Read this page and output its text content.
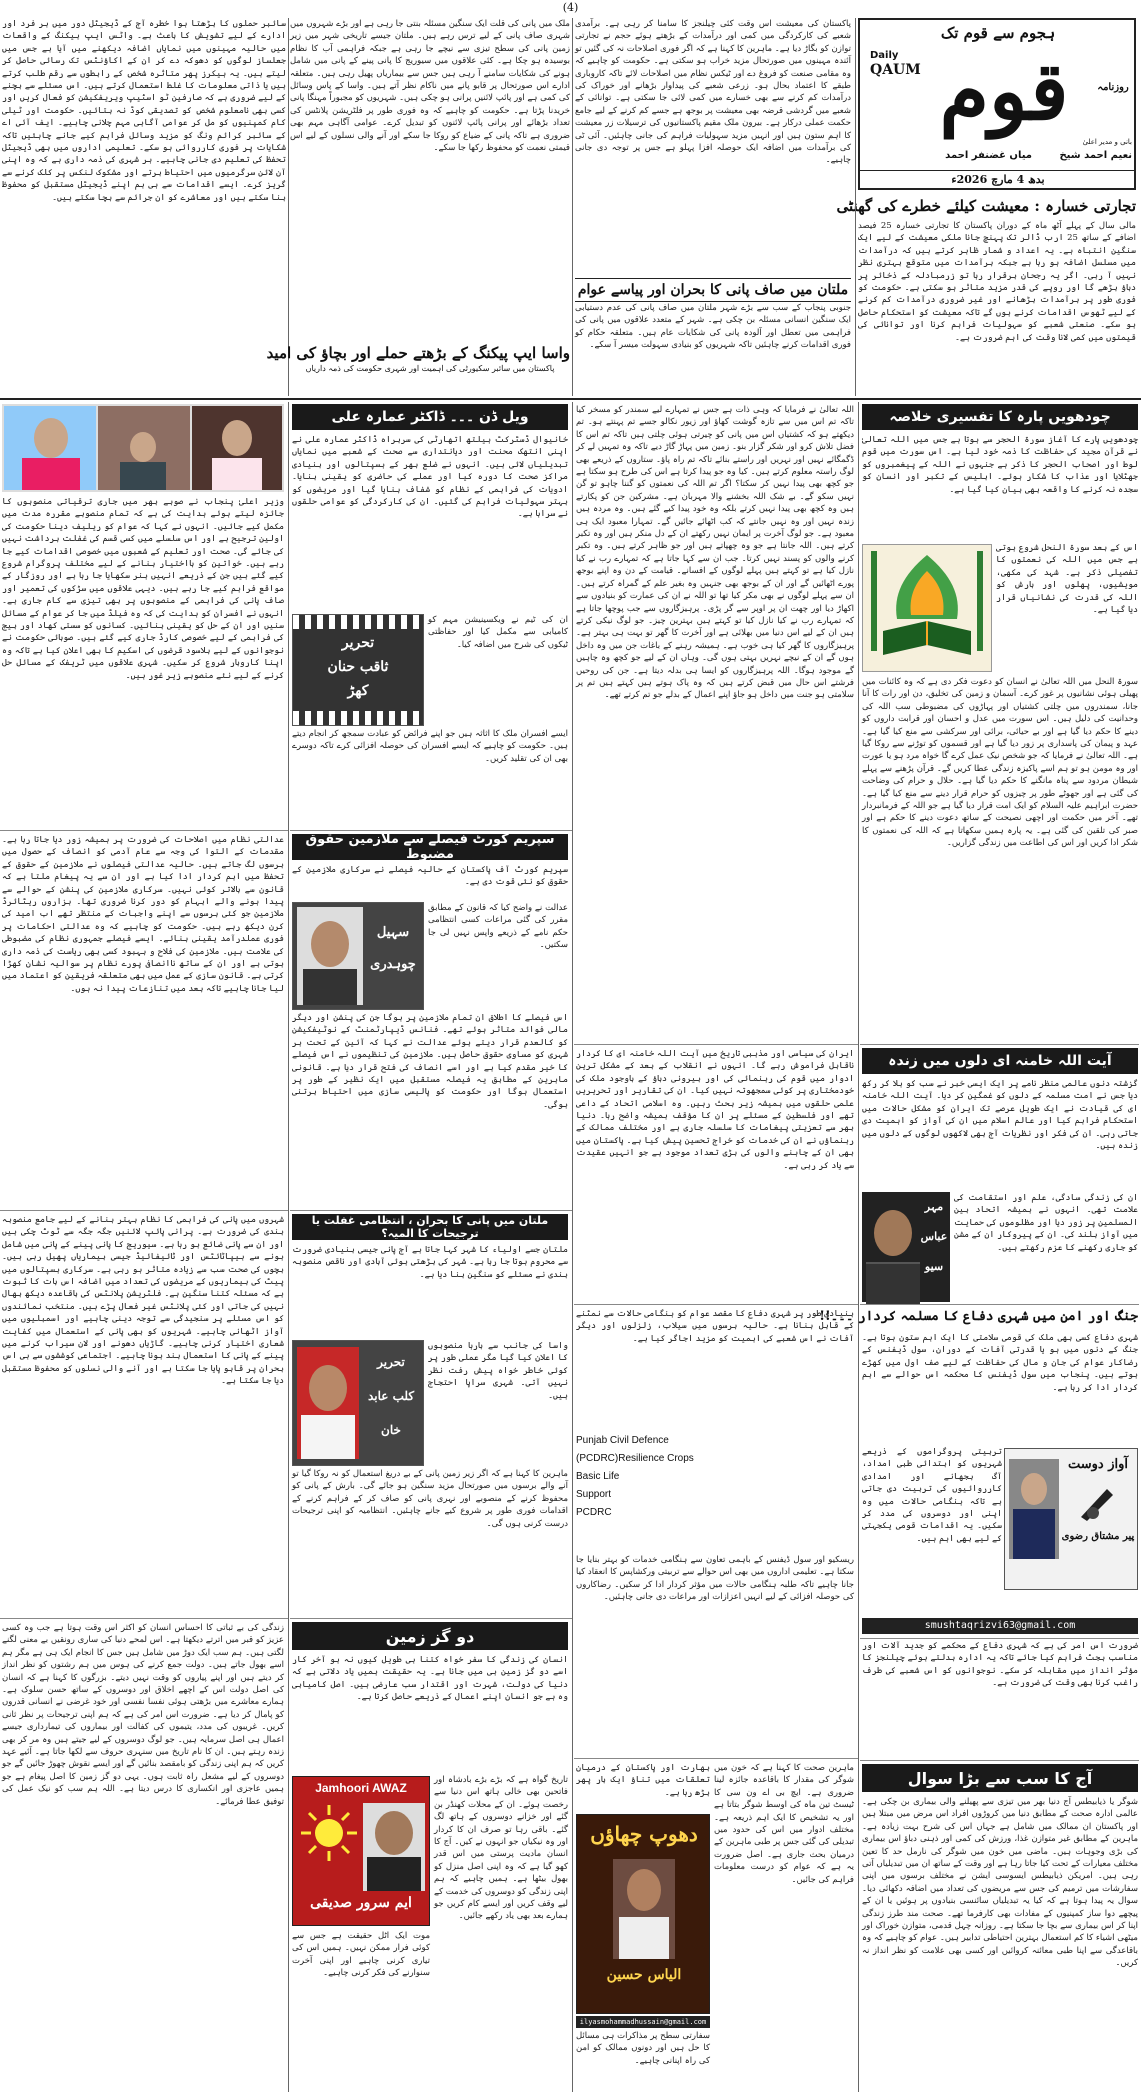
(4)
ہجوم سے قوم تک
روزنامہ
Daily
QAUM قوم
بانی و مدیر اعلیٰ
نعیم احمد شیخ
میاں غضنفر احمد
بدھ 4 مارچ 2026ء
تجارتی خسارہ : معیشت کیلئے خطرے کی گھنٹی
مالی سال کے پہلے آٹھ ماہ کے دوران پاکستان کا تجارتی خسارہ 25 فیصد اضافے کے ساتھ 25 ارب ڈالر تک پہنچ جانا ملکی معیشت کے لیے ایک سنگین انتباہ ہے۔ یہ اعداد و شمار ظاہر کرتے ہیں کہ درآمدات میں مسلسل اضافہ ہو رہا ہے جبکہ برآمدات میں متوقع بہتری نظر نہیں آ رہی۔ اگر یہ رجحان برقرار رہا تو زرمبادلہ کے ذخائر پر دباؤ بڑھے گا اور روپے کی قدر مزید متاثر ہو سکتی ہے۔ حکومت کو فوری طور پر برآمدات بڑھانے اور غیر ضروری درآمدات کم کرنے کے لیے ٹھوس اقدامات کرنے ہوں گے تاکہ معیشت کو استحکام حاصل ہو سکے۔ صنعتی شعبے کو سہولیات فراہم کرنا اور توانائی کی قیمتوں میں کمی لانا وقت کی اہم ضرورت ہے۔
پاکستان کی معیشت اس وقت کئی چیلنجز کا سامنا کر رہی ہے۔ برآمدی شعبے کی کارکردگی میں کمی اور درآمدات کے بڑھتے ہوئے حجم نے تجارتی توازن کو بگاڑ دیا ہے۔ ماہرین کا کہنا ہے کہ اگر فوری اصلاحات نہ کی گئیں تو آئندہ مہینوں میں صورتحال مزید خراب ہو سکتی ہے۔ حکومت کو چاہیے کہ وہ مقامی صنعت کو فروغ دے اور ٹیکس نظام میں اصلاحات لائے تاکہ کاروباری طبقے کا اعتماد بحال ہو۔ زرعی شعبے کی پیداوار بڑھانے اور خوراک کی درآمدات کم کرنے سے بھی خسارے میں کمی لائی جا سکتی ہے۔ توانائی کے شعبے میں گردشی قرضہ بھی معیشت پر بوجھ ہے جسے کم کرنے کے لیے جامع حکمت عملی درکار ہے۔ بیرون ملک مقیم پاکستانیوں کی ترسیلات زر معیشت کا اہم ستون ہیں اور انہیں مزید سہولیات فراہم کی جانی چاہئیں۔ آئی ٹی کی برآمدات میں اضافہ ایک حوصلہ افزا پہلو ہے جس پر توجہ دی جانی چاہیے۔
ملک میں پانی کی قلت ایک سنگین مسئلہ بنتی جا رہی ہے اور بڑے شہروں میں شہری صاف پانی کے لیے ترس رہے ہیں۔ ملتان جیسے تاریخی شہر میں زیر زمین پانی کی سطح تیزی سے نیچے جا رہی ہے جبکہ فراہمی آب کا نظام بوسیدہ ہو چکا ہے۔ کئی علاقوں میں سیوریج کا پانی پینے کے پانی میں شامل ہونے کی شکایات سامنے آ رہی ہیں جس سے بیماریاں پھیل رہی ہیں۔ متعلقہ ادارے اس صورتحال پر قابو پانے میں ناکام نظر آتے ہیں۔ واسا کے پاس وسائل کی کمی ہے اور پائپ لائنیں پرانی ہو چکی ہیں۔ شہریوں کو مجبوراً مہنگا پانی خریدنا پڑتا ہے۔ حکومت کو چاہیے کہ وہ فوری طور پر فلٹریشن پلانٹس کی تعداد بڑھائے اور پرانی پائپ لائنوں کو تبدیل کرے۔ عوامی آگاہی مہم بھی ضروری ہے تاکہ پانی کے ضیاع کو روکا جا سکے اور آنے والی نسلوں کے لیے اس قیمتی نعمت کو محفوظ رکھا جا سکے۔
سائبر حملوں کا بڑھتا ہوا خطرہ آج کے ڈیجیٹل دور میں ہر فرد اور ادارے کے لیے تشویش کا باعث ہے۔ واٹس ایپ ہیکنگ کے واقعات میں حالیہ مہینوں میں نمایاں اضافہ دیکھنے میں آیا ہے جس میں جعلساز لوگوں کو دھوکہ دے کر ان کے اکاؤنٹس تک رسائی حاصل کر لیتے ہیں۔ یہ ہیکرز پھر متاثرہ شخص کے رابطوں سے رقم طلب کرتے ہیں یا ذاتی معلومات کا غلط استعمال کرتے ہیں۔ اس مسئلے سے بچنے کے لیے ضروری ہے کہ صارفین ٹو اسٹیپ ویریفکیشن کو فعال کریں اور کسی بھی نامعلوم شخص کو تصدیقی کوڈ نہ بتائیں۔ حکومت اور ٹیلی کام کمپنیوں کو مل کر عوامی آگاہی مہم چلانی چاہیے۔ ایف آئی اے کے سائبر کرائم ونگ کو مزید وسائل فراہم کیے جانے چاہئیں تاکہ شکایات پر فوری کارروائی ہو سکے۔ تعلیمی اداروں میں بھی ڈیجیٹل تحفظ کی تعلیم دی جانی چاہیے۔ ہر شہری کی ذمہ داری ہے کہ وہ اپنی آن لائن سرگرمیوں میں احتیاط برتے اور مشکوک لنکس پر کلک کرنے سے گریز کرے۔ ایسے اقدامات سے ہی ہم اپنے ڈیجیٹل مستقبل کو محفوظ بنا سکتے ہیں اور معاشرے کو ان جرائم سے بچا سکتے ہیں۔
ملتان میں صاف پانی کا بحران اور پیاسے عوام
جنوبی پنجاب کے سب سے بڑے شہر ملتان میں صاف پانی کی عدم دستیابی ایک سنگین انسانی مسئلہ بن چکی ہے۔ شہر کے متعدد علاقوں میں پانی کی فراہمی میں تعطل اور آلودہ پانی کی شکایات عام ہیں۔ متعلقہ حکام کو فوری اقدامات کرنے چاہئیں تاکہ شہریوں کو بنیادی سہولت میسر آ سکے۔
واسا ایپ پیکنگ کے بڑھتے حملے اور بچاؤ کی امید
پاکستان میں سائبر سکیورٹی کی اہمیت اور شہری حکومت کی ذمہ داریاں
چودھویں پارہ کا تفسیری خلاصہ
چودھویں پارے کا آغاز سورۃ الحجر سے ہوتا ہے جس میں اللہ تعالیٰ نے قرآن مجید کی حفاظت کا ذمہ خود لیا ہے۔ اس سورت میں قوم لوط اور اصحاب الحجر کا ذکر ہے جنہوں نے اللہ کے پیغمبروں کو جھٹلایا اور عذاب کا شکار ہوئے۔ ابلیس کے تکبر اور انسان کو سجدہ نہ کرنے کا واقعہ بھی بیان کیا گیا ہے۔
اس کے بعد سورۃ النحل شروع ہوتی ہے جس میں اللہ کی نعمتوں کا تفصیلی ذکر ہے۔ شہد کی مکھی، مویشیوں، پھلوں اور بارش کو اللہ کی قدرت کی نشانیاں قرار دیا گیا ہے۔
سورۃ النحل میں اللہ تعالیٰ نے انسان کو دعوت فکر دی ہے کہ وہ کائنات میں پھیلی ہوئی نشانیوں پر غور کرے۔ آسمان و زمین کی تخلیق، دن اور رات کا آنا جانا، سمندروں میں چلتی کشتیاں اور پہاڑوں کی مضبوطی سب اللہ کی وحدانیت کی دلیل ہیں۔ اس سورت میں عدل و احسان اور قرابت داروں کو دینے کا حکم دیا گیا ہے اور بے حیائی، برائی اور سرکشی سے منع کیا گیا ہے۔ عہد و پیمان کی پاسداری پر زور دیا گیا ہے اور قسموں کو توڑنے سے روکا گیا ہے۔ اللہ تعالیٰ نے فرمایا کہ جو شخص نیک عمل کرے گا خواہ مرد ہو یا عورت اور وہ مومن ہو تو ہم اسے پاکیزہ زندگی عطا کریں گے۔ قرآن پڑھنے سے پہلے شیطان مردود سے پناہ مانگنے کا حکم دیا گیا ہے۔ حلال و حرام کی وضاحت کی گئی ہے اور جھوٹے طور پر چیزوں کو حرام قرار دینے سے منع کیا گیا ہے۔ حضرت ابراہیم علیہ السلام کو ایک امت قرار دیا گیا ہے جو اللہ کے فرمانبردار تھے۔ آخر میں حکمت اور اچھی نصیحت کے ساتھ دعوت دینے کا حکم ہے اور صبر کی تلقین کی گئی ہے۔ یہ پارہ ہمیں سکھاتا ہے کہ اللہ کی نعمتوں کا شکر ادا کریں اور اس کی اطاعت میں زندگی گزاریں۔
آیت اللہ خامنہ ای دلوں میں زندہ
گزشتہ دنوں عالمی منظر نامے پر ایک ایسی خبر نے سب کو ہلا کر رکھ دیا جس نے امت مسلمہ کے دلوں کو غمگین کر دیا۔ آیت اللہ خامنہ ای کی قیادت نے ایک طویل عرصے تک ایران کو مشکل حالات میں استحکام فراہم کیا اور عالم اسلام میں ان کی آواز کو اہمیت دی جاتی رہی۔ ان کی فکر اور نظریات آج بھی لاکھوں لوگوں کے دلوں میں زندہ ہیں۔
ان کی زندگی سادگی، علم اور استقامت کی علامت تھی۔ انہوں نے ہمیشہ اتحاد بین المسلمین پر زور دیا اور مظلوموں کی حمایت میں آواز بلند کی۔ ان کے پیروکار ان کے مشن کو جاری رکھنے کا عزم رکھتے ہیں۔
مہر
عباس
سیو
جنگ اور امن میں شہری دفاع کا مسلمہ کردار ۔۔۔!!
شہری دفاع کسی بھی ملک کی قومی سلامتی کا ایک اہم ستون ہوتا ہے۔ جنگ کے دنوں میں ہو یا قدرتی آفات کے دوران، سول ڈیفنس کے رضاکار عوام کی جان و مال کی حفاظت کے لیے صف اول میں کھڑے ہوتے ہیں۔ پنجاب میں سول ڈیفنس کا محکمہ اس حوالے سے اہم کردار ادا کر رہا ہے۔
تربیتی پروگراموں کے ذریعے شہریوں کو ابتدائی طبی امداد، آگ بجھانے اور امدادی کارروائیوں کی تربیت دی جاتی ہے تاکہ ہنگامی حالات میں وہ اپنی اور دوسروں کی مدد کر سکیں۔ یہ اقدامات قومی یکجہتی کے لیے بھی اہم ہیں۔
آواز دوست
پیر مشتاق رضوی
smushtaqrizvi63@gmail.com
ضرورت اس امر کی ہے کہ شہری دفاع کے محکمے کو جدید آلات اور مناسب بجٹ فراہم کیا جائے تاکہ یہ ادارہ بدلتے ہوئے چیلنجز کا مؤثر انداز میں مقابلہ کر سکے۔ نوجوانوں کو اس شعبے کی طرف راغب کرنا بھی وقت کی ضرورت ہے۔
آج کا سب سے بڑا سوال
شوگر یا ذیابیطس آج دنیا بھر میں تیزی سے پھیلنے والی بیماری بن چکی ہے۔ عالمی ادارہ صحت کے مطابق دنیا میں کروڑوں افراد اس مرض میں مبتلا ہیں اور پاکستان ان ممالک میں شامل ہے جہاں اس کی شرح بہت زیادہ ہے۔ ماہرین کے مطابق غیر متوازن غذا، ورزش کی کمی اور ذہنی دباؤ اس بیماری کی بڑی وجوہات ہیں۔ ماضی میں خون میں شوگر کی نارمل حد کا تعین مختلف معیارات کے تحت کیا جاتا رہا ہے اور وقت کے ساتھ ان میں تبدیلیاں آتی رہی ہیں۔ امریکن ذیابیطس ایسوسی ایشن نے مختلف برسوں میں اپنی سفارشات میں ترمیم کی جس سے مریضوں کی تعداد میں اضافہ دکھائی دیا۔ سوال یہ پیدا ہوتا ہے کہ کیا یہ تبدیلیاں سائنسی بنیادوں پر ہوئیں یا ان کے پیچھے دوا ساز کمپنیوں کے مفادات بھی کارفرما تھے۔ صحت مند طرز زندگی اپنا کر اس بیماری سے بچا جا سکتا ہے۔ روزانہ چہل قدمی، متوازن خوراک اور میٹھی اشیاء کا کم استعمال بہترین احتیاطی تدابیر ہیں۔ عوام کو چاہیے کہ وہ باقاعدگی سے اپنا طبی معائنہ کروائیں اور کسی بھی علامت کو نظر انداز نہ کریں۔
اللہ تعالیٰ نے فرمایا کہ وہی ذات ہے جس نے تمہارے لیے سمندر کو مسخر کیا تاکہ تم اس میں سے تازہ گوشت کھاؤ اور زیور نکالو جسے تم پہنتے ہو۔ تم دیکھتے ہو کہ کشتیاں اس میں پانی کو چیرتی ہوئی چلتی ہیں تاکہ تم اس کا فضل تلاش کرو اور شکر گزار بنو۔ زمین میں پہاڑ گاڑ دیے تاکہ وہ تمہیں لے کر ڈگمگائے نہیں اور نہریں اور راستے بنائے تاکہ تم راہ پاؤ۔ ستاروں کے ذریعے بھی لوگ راستہ معلوم کرتے ہیں۔ کیا وہ جو پیدا کرتا ہے اس کی طرح ہو سکتا ہے جو کچھ بھی پیدا نہیں کر سکتا؟ اگر تم اللہ کی نعمتوں کو گننا چاہو تو گن نہیں سکو گے۔ بے شک اللہ بخشنے والا مہربان ہے۔ مشرکین جن کو پکارتے ہیں وہ کچھ بھی پیدا نہیں کرتے بلکہ وہ خود پیدا کیے گئے ہیں۔ وہ مردہ ہیں زندہ نہیں اور وہ نہیں جانتے کہ کب اٹھائے جائیں گے۔ تمہارا معبود ایک ہی معبود ہے۔ جو لوگ آخرت پر ایمان نہیں رکھتے ان کے دل منکر ہیں اور وہ تکبر کرتے ہیں۔ اللہ جانتا ہے جو وہ چھپاتے ہیں اور جو ظاہر کرتے ہیں۔ وہ تکبر کرنے والوں کو پسند نہیں کرتا۔ جب ان سے کہا جاتا ہے کہ تمہارے رب نے کیا نازل کیا ہے تو کہتے ہیں پہلے لوگوں کے افسانے۔ قیامت کے دن وہ اپنے بوجھ پورے اٹھائیں گے اور ان کے بوجھ بھی جنہیں وہ بغیر علم کے گمراہ کرتے ہیں۔ ان سے پہلے لوگوں نے بھی مکر کیا تھا تو اللہ نے ان کی عمارت کو بنیادوں سے اکھاڑ دیا اور چھت ان پر اوپر سے گر پڑی۔ پرہیزگاروں سے جب پوچھا جاتا ہے کہ تمہارے رب نے کیا نازل کیا تو کہتے ہیں بہترین چیز۔ جو لوگ نیکی کرتے ہیں ان کے لیے اس دنیا میں بھلائی ہے اور آخرت کا گھر تو بہت ہی بہتر ہے۔ پرہیزگاروں کا گھر کیا ہی خوب ہے۔ ہمیشہ رہنے کے باغات جن میں وہ داخل ہوں گے ان کے نیچے نہریں بہتی ہوں گی۔ وہاں ان کے لیے جو کچھ وہ چاہیں گے موجود ہوگا۔ اللہ پرہیزگاروں کو ایسا ہی بدلہ دیتا ہے۔ جن کی روحیں فرشتے اس حال میں قبض کرتے ہیں کہ وہ پاک ہوتے ہیں کہتے ہیں تم پر سلامتی ہو جنت میں داخل ہو جاؤ اپنے اعمال کے بدلے جو تم کرتے تھے۔
ایران کی سیاسی اور مذہبی تاریخ میں آیت اللہ خامنہ ای کا کردار ناقابل فراموش رہے گا۔ انہوں نے انقلاب کے بعد کے مشکل ترین ادوار میں قوم کی رہنمائی کی اور بیرونی دباؤ کے باوجود ملک کی خودمختاری پر کوئی سمجھوتہ نہیں کیا۔ ان کی تقاریر اور تحریریں علمی حلقوں میں ہمیشہ زیر بحث رہیں۔ وہ اسلامی اتحاد کے داعی تھے اور فلسطین کے مسئلے پر ان کا مؤقف ہمیشہ واضح رہا۔ دنیا بھر سے تعزیتی پیغامات کا سلسلہ جاری ہے اور مختلف ممالک کے رہنماؤں نے ان کی خدمات کو خراج تحسین پیش کیا ہے۔ پاکستان میں بھی ان کے چاہنے والوں کی بڑی تعداد موجود ہے جو انہیں عقیدت سے یاد کر رہی ہے۔
بنیادی طور پر شہری دفاع کا مقصد عوام کو ہنگامی حالات سے نمٹنے کے قابل بنانا ہے۔ حالیہ برسوں میں سیلاب، زلزلوں اور دیگر آفات نے اس شعبے کی اہمیت کو مزید اجاگر کیا ہے۔
Punjab Civil Defence
(PCDRC)Resilience Crops
Basic Life
Support
PCDRC
ریسکیو اور سول ڈیفنس کے باہمی تعاون سے ہنگامی خدمات کو بہتر بنایا جا سکتا ہے۔ تعلیمی اداروں میں بھی اس حوالے سے تربیتی ورکشاپس کا انعقاد کیا جانا چاہیے تاکہ طلبہ ہنگامی حالات میں مؤثر کردار ادا کر سکیں۔ رضاکاروں کی حوصلہ افزائی کے لیے انہیں اعزازات اور مراعات دی جانی چاہئیں۔
ماہرین صحت کا کہنا ہے کہ خون میں شوگر کی مقدار کا باقاعدہ جائزہ لینا ضروری ہے۔ ایچ بی اے ون سی کا ٹیسٹ تین ماہ کی اوسط شوگر بتاتا ہے اور یہ تشخیص کا ایک اہم ذریعہ ہے۔ مختلف ادوار میں اس کی حدود میں تبدیلی کی گئی جس پر طبی ماہرین کے درمیان بحث جاری ہے۔ اصل ضرورت یہ ہے کہ عوام کو درست معلومات فراہم کی جائیں۔
بھارت اور پاکستان کے درمیان تعلقات میں تناؤ ایک بار پھر بڑھ رہا ہے۔
دھوپ چھاؤں
الیاس حسین
ilyasmohammadhussain@gmail.com
سفارتی سطح پر مذاکرات ہی مسائل کا حل ہیں اور دونوں ممالک کو امن کی راہ اپنانی چاہیے۔
ویل ڈن ۔۔۔ ڈاکٹر عمارہ علی
خانیوال ڈسٹرکٹ ہیلتھ اتھارٹی کی سربراہ ڈاکٹر عمارہ علی نے اپنی انتھک محنت اور دیانتداری سے صحت کے شعبے میں نمایاں تبدیلیاں لائی ہیں۔ انہوں نے ضلع بھر کے ہسپتالوں اور بنیادی مراکز صحت کا دورہ کیا اور عملے کی حاضری کو یقینی بنایا۔ ادویات کی فراہمی کے نظام کو شفاف بنایا گیا اور مریضوں کو بہتر سہولیات فراہم کی گئیں۔ ان کی کارکردگی کو عوامی حلقوں نے سراہا ہے۔
تحریر
ثاقب حنان
کھڑ
ان کی ٹیم نے ویکسینیشن مہم کو کامیابی سے مکمل کیا اور حفاظتی ٹیکوں کی شرح میں اضافہ کیا۔
ایسے افسران ملک کا اثاثہ ہیں جو اپنے فرائض کو عبادت سمجھ کر انجام دیتے ہیں۔ حکومت کو چاہیے کہ ایسے افسران کی حوصلہ افزائی کرے تاکہ دوسرے بھی ان کی تقلید کریں۔
سپریم کورٹ فیصلے سے ملازمین حقوق مضبوط
سپریم کورٹ آف پاکستان کے حالیہ فیصلے نے سرکاری ملازمین کے حقوق کو نئی قوت دی ہے۔
سہیل
چوہدری
عدالت نے واضح کیا کہ قانون کے مطابق مقرر کی گئی مراعات کسی انتظامی حکم نامے کے ذریعے واپس نہیں لی جا سکتیں۔
اس فیصلے کا اطلاق ان تمام ملازمین پر ہوگا جن کی پنشن اور دیگر مالی فوائد متاثر ہوئے تھے۔ فنانس ڈیپارٹمنٹ کے نوٹیفکیشن کو کالعدم قرار دیتے ہوئے عدالت نے کہا کہ آئین کے تحت ہر شہری کو مساوی حقوق حاصل ہیں۔ ملازمین کی تنظیموں نے اس فیصلے کا خیر مقدم کیا ہے اور اسے انصاف کی فتح قرار دیا ہے۔ قانونی ماہرین کے مطابق یہ فیصلہ مستقبل میں ایک نظیر کے طور پر استعمال ہوگا اور حکومت کو پالیسی سازی میں احتیاط برتنی ہوگی۔
ملتان میں پانی کا بحران ، انتظامی غفلت یا ترجیحات کا المیہ؟
ملتان جسے اولیاء کا شہر کہا جاتا ہے آج پانی جیسی بنیادی ضرورت سے محروم ہوتا جا رہا ہے۔ شہر کی بڑھتی ہوئی آبادی اور ناقص منصوبہ بندی نے مسئلے کو سنگین بنا دیا ہے۔
تحریر
کلب عابد
خان
واسا کی جانب سے بارہا منصوبوں کا اعلان کیا گیا مگر عملی طور پر کوئی خاطر خواہ پیش رفت نظر نہیں آتی۔ شہری سراپا احتجاج ہیں۔
ماہرین کا کہنا ہے کہ اگر زیر زمین پانی کے بے دریغ استعمال کو نہ روکا گیا تو آنے والے برسوں میں صورتحال مزید سنگین ہو جائے گی۔ بارش کے پانی کو محفوظ کرنے کے منصوبے اور نہری پانی کو صاف کر کے فراہم کرنے کے اقدامات فوری طور پر شروع کیے جانے چاہئیں۔ انتظامیہ کو اپنی ترجیحات درست کرنی ہوں گی۔
دو گز زمین
انسان کی زندگی کا سفر خواہ کتنا ہی طویل کیوں نہ ہو آخر کار اسے دو گز زمین ہی میں جانا ہے۔ یہ حقیقت ہمیں یاد دلاتی ہے کہ دنیا کی دولت، شہرت اور اقتدار سب عارضی ہیں۔ اصل کامیابی وہ ہے جو انسان اپنے اعمال کے ذریعے حاصل کرتا ہے۔
تاریخ گواہ ہے کہ بڑے بڑے بادشاہ اور فاتحین بھی خالی ہاتھ اس دنیا سے رخصت ہوئے۔ ان کے محلات کھنڈر بن گئے اور خزانے دوسروں کے ہاتھ لگ گئے۔ باقی رہا تو صرف ان کا کردار اور وہ نیکیاں جو انہوں نے کیں۔ آج کا انسان مادیت پرستی میں اس قدر کھو گیا ہے کہ وہ اپنی اصل منزل کو بھول بیٹھا ہے۔ ہمیں چاہیے کہ ہم اپنی زندگی کو دوسروں کی خدمت کے لیے وقف کریں اور ایسے کام کریں جو ہمارے بعد بھی یاد رکھے جائیں۔
Jamhoori AWAZ
ایم سرور صدیقی
موت ایک اٹل حقیقت ہے جس سے کوئی فرار ممکن نہیں۔ ہمیں اس کی تیاری کرنی چاہیے اور اپنی آخرت سنوارنے کی فکر کرنی چاہیے۔
وزیر اعلیٰ پنجاب نے صوبے بھر میں جاری ترقیاتی منصوبوں کا جائزہ لیتے ہوئے ہدایت کی ہے کہ تمام منصوبے مقررہ مدت میں مکمل کیے جائیں۔ انہوں نے کہا کہ عوام کو ریلیف دینا حکومت کی اولین ترجیح ہے اور اس سلسلے میں کسی قسم کی غفلت برداشت نہیں کی جائے گی۔ صحت اور تعلیم کے شعبوں میں خصوصی اقدامات کیے جا رہے ہیں۔ خواتین کو بااختیار بنانے کے لیے مختلف پروگرام شروع کیے گئے ہیں جن کے ذریعے انہیں ہنر سکھایا جا رہا ہے اور روزگار کے مواقع فراہم کیے جا رہے ہیں۔ دیہی علاقوں میں سڑکوں کی تعمیر اور صاف پانی کی فراہمی کے منصوبوں پر بھی تیزی سے کام جاری ہے۔ انہوں نے افسران کو ہدایت کی کہ وہ فیلڈ میں جا کر عوام کے مسائل سنیں اور ان کے حل کو یقینی بنائیں۔ کسانوں کو سستی کھاد اور بیج کی فراہمی کے لیے خصوصی کارڈ جاری کیے گئے ہیں۔ صوبائی حکومت نے نوجوانوں کے لیے بلاسود قرضوں کی اسکیم کا بھی اعلان کیا ہے تاکہ وہ اپنا کاروبار شروع کر سکیں۔ شہری علاقوں میں ٹریفک کے مسائل حل کرنے کے لیے نئے منصوبے زیر غور ہیں۔
عدالتی نظام میں اصلاحات کی ضرورت پر ہمیشہ زور دیا جاتا رہا ہے۔ مقدمات کے التوا کی وجہ سے عام آدمی کو انصاف کے حصول میں برسوں لگ جاتے ہیں۔ حالیہ عدالتی فیصلوں نے ملازمین کے حقوق کے تحفظ میں اہم کردار ادا کیا ہے اور ان سے یہ پیغام ملتا ہے کہ قانون سے بالاتر کوئی نہیں۔ سرکاری ملازمین کی پنشن کے حوالے سے پیدا ہونے والے ابہام کو دور کرنا ضروری تھا۔ ہزاروں ریٹائرڈ ملازمین جو کئی برسوں سے اپنے واجبات کے منتظر تھے اب امید کی کرن دیکھ رہے ہیں۔ حکومت کو چاہیے کہ وہ عدالتی احکامات پر فوری عملدرآمد یقینی بنائے۔ ایسے فیصلے جمہوری نظام کی مضبوطی کی علامت ہیں۔ ملازمین کی فلاح و بہبود کسی بھی ریاست کی ذمہ داری ہوتی ہے اور ان کے ساتھ ناانصافی پورے نظام پر سوالیہ نشان کھڑا کرتی ہے۔ قانون سازی کے عمل میں بھی متعلقہ فریقین کو اعتماد میں لیا جانا چاہیے تاکہ بعد میں تنازعات پیدا نہ ہوں۔
شہروں میں پانی کی فراہمی کا نظام بہتر بنانے کے لیے جامع منصوبہ بندی کی ضرورت ہے۔ پرانی پائپ لائنیں جگہ جگہ سے ٹوٹ چکی ہیں اور ان سے پانی ضائع ہو رہا ہے۔ سیوریج کا پانی پینے کے پانی میں شامل ہونے سے ہیپاٹائٹس اور ٹائیفائیڈ جیسی بیماریاں پھیل رہی ہیں۔ بچوں کی صحت سب سے زیادہ متاثر ہو رہی ہے۔ سرکاری ہسپتالوں میں پیٹ کی بیماریوں کے مریضوں کی تعداد میں اضافہ اس بات کا ثبوت ہے کہ مسئلہ کتنا سنگین ہے۔ فلٹریشن پلانٹس کی باقاعدہ دیکھ بھال نہیں کی جاتی اور کئی پلانٹس غیر فعال پڑے ہیں۔ منتخب نمائندوں کو اس مسئلے پر سنجیدگی سے توجہ دینی چاہیے اور اسمبلیوں میں آواز اٹھانی چاہیے۔ شہریوں کو بھی پانی کے استعمال میں کفایت شعاری اختیار کرنی چاہیے۔ گاڑیاں دھونے اور لان سیراب کرنے میں پینے کے پانی کا استعمال بند ہونا چاہیے۔ اجتماعی کوششوں سے ہی اس بحران پر قابو پایا جا سکتا ہے اور آنے والی نسلوں کو محفوظ مستقبل دیا جا سکتا ہے۔
زندگی کی بے ثباتی کا احساس انسان کو اکثر اس وقت ہوتا ہے جب وہ کسی عزیز کو قبر میں اترتے دیکھتا ہے۔ اس لمحے دنیا کی ساری رونقیں بے معنی لگنے لگتی ہیں۔ ہم سب ایک دوڑ میں شامل ہیں جس کا انجام ایک ہی ہے مگر ہم اسے بھول جاتے ہیں۔ دولت جمع کرنے کی ہوس میں ہم رشتوں کو نظر انداز کر دیتے ہیں اور اپنے پیاروں کو وقت نہیں دیتے۔ بزرگوں کا کہنا ہے کہ انسان کی اصل دولت اس کے اچھے اخلاق اور دوسروں کے ساتھ حسن سلوک ہے۔ ہمارے معاشرے میں بڑھتی ہوئی نفسا نفسی اور خود غرضی نے انسانی قدروں کو پامال کر دیا ہے۔ ضرورت اس امر کی ہے کہ ہم اپنی ترجیحات پر نظر ثانی کریں۔ غریبوں کی مدد، یتیموں کی کفالت اور بیماروں کی تیمارداری جیسے اعمال ہی اصل سرمایہ ہیں۔ جو لوگ دوسروں کے لیے جیتے ہیں وہ مر کر بھی زندہ رہتے ہیں۔ ان کا نام تاریخ میں سنہری حروف سے لکھا جاتا ہے۔ آئیے عہد کریں کہ ہم اپنی زندگی کو بامقصد بنائیں گے اور ایسے نقوش چھوڑ جائیں گے جو دوسروں کے لیے مشعل راہ ثابت ہوں۔ یہی دو گز زمین کا اصل پیغام ہے جو ہمیں عاجزی اور انکساری کا درس دیتا ہے۔ اللہ ہم سب کو نیک عمل کی توفیق عطا فرمائے۔
